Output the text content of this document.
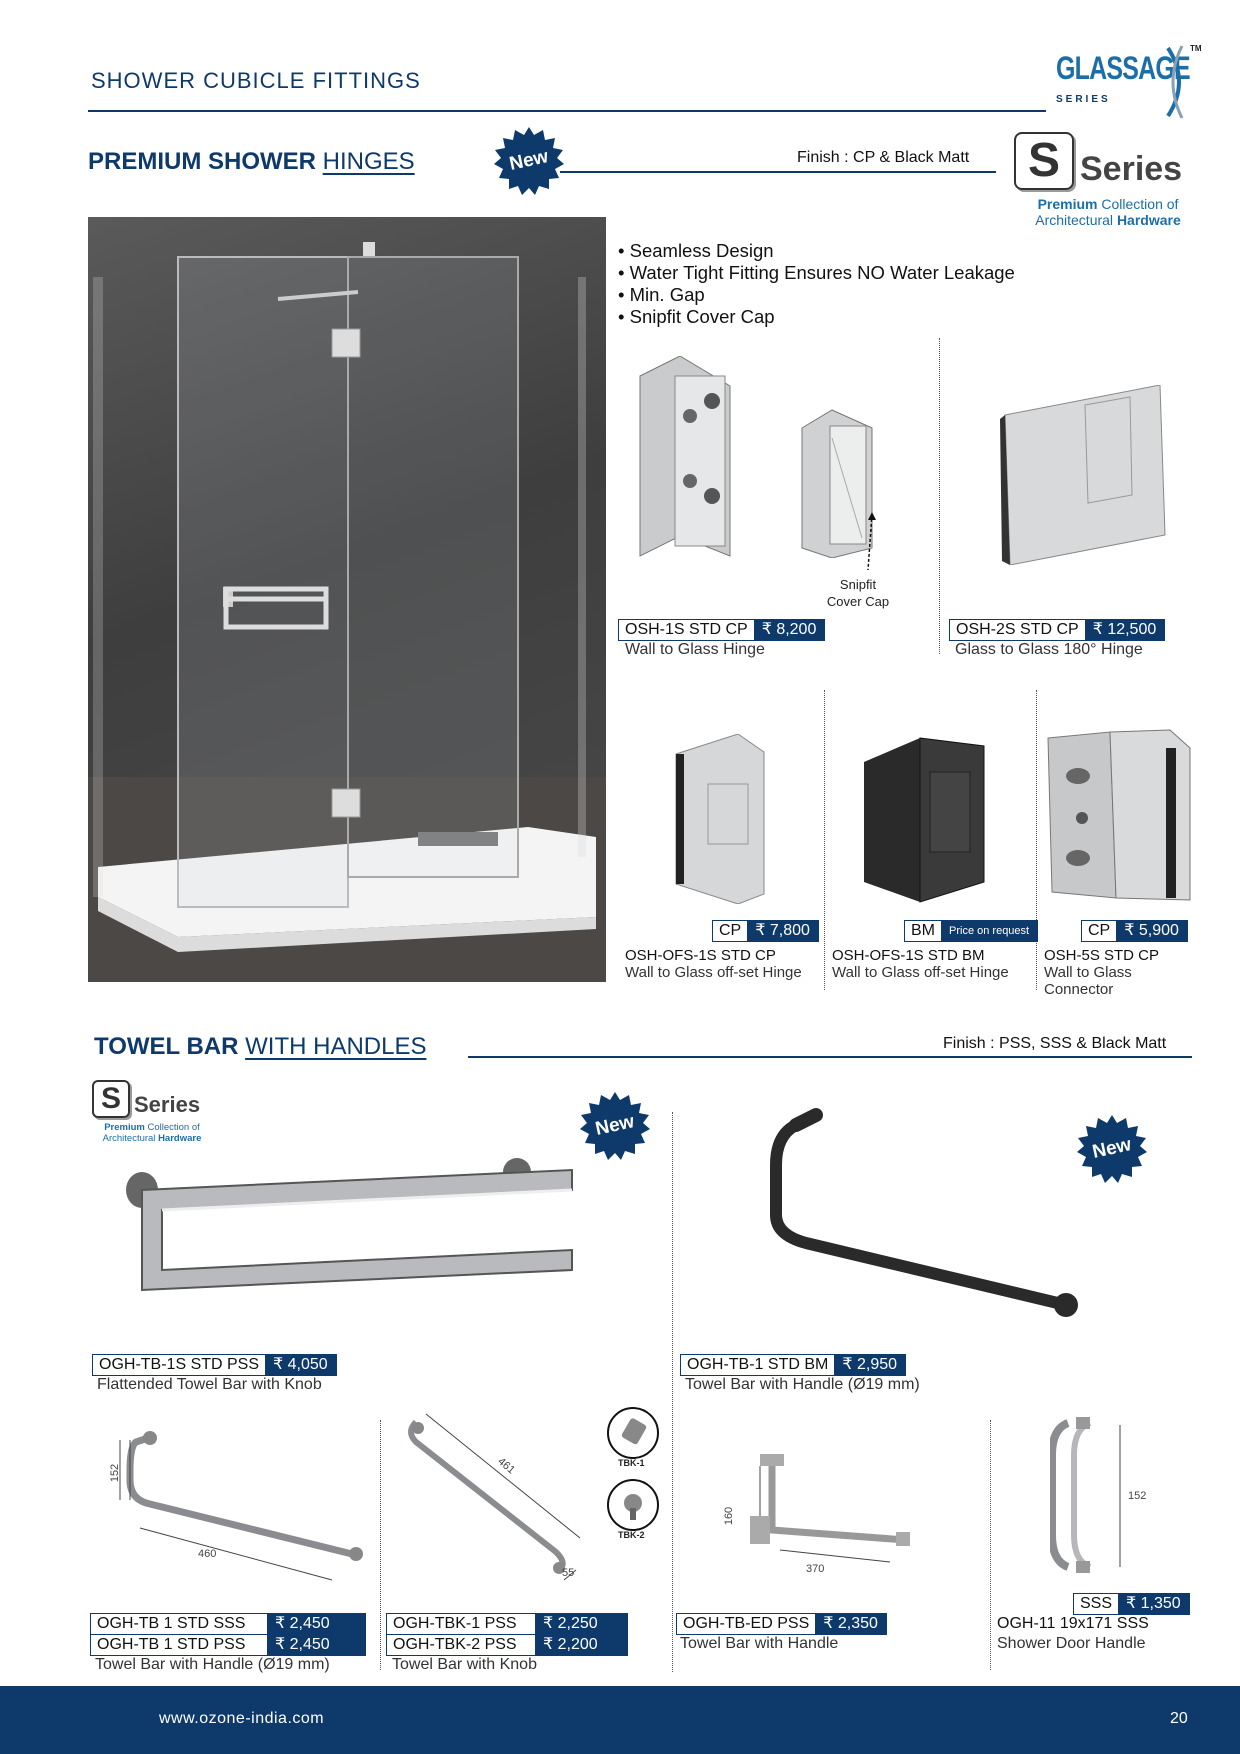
SHOWER CUBICLE FITTINGS	GLASSAGE
SERIES
TM
PREMIUM SHOWER HINGES	New	Finish : CP & Black Matt S Series
Premium Collection of
Architectural Hardware
• Seamless Design
• Water Tight Fitting Ensures NO Water Leakage
• Min. Gap
• Snipfit Cover Cap
Snipfit
Cover Cap
OSH-1S STD CP ₹ 8,200
Wall to Glass Hinge
OSH-2S STD CP ₹ 12,500
Glass to Glass 180° Hinge
CP ₹ 7,800
OSH-OFS-1S STD CP
Wall to Glass off-set Hinge
BM	Price on request
OSH-OFS-1S STD BM
Wall to Glass off-set Hinge
CP ₹ 5,900
OSH-5S STD CP
Wall to Glass
Connector
TOWEL BAR WITH HANDLES	Finish : PSS, SSS & Black Matt
S Series
Premium Collection of
Architectural Hardware	New
New
OGH-TB-1S STD PSS ₹ 4,050
Flattended Towel Bar with Knob
OGH-TB-1 STD BM ₹ 2,950
Towel Bar with Handle (Ø19 mm)
152
460
461
55
TBK-1
TBK-2
160
370
152
OGH-TB 1 STD SSS	₹ 2,450
OGH-TB 1 STD PSS	₹ 2,450
Towel Bar with Handle (Ø19 mm)
OGH-TBK-1 PSS	₹ 2,250
OGH-TBK-2 PSS	₹ 2,200
Towel Bar with Knob
OGH-TB-ED PSS ₹ 2,350
Towel Bar with Handle
SSS ₹ 1,350
OGH-11 19x171 SSS
Shower Door Handle
www.ozone-india.com	20
